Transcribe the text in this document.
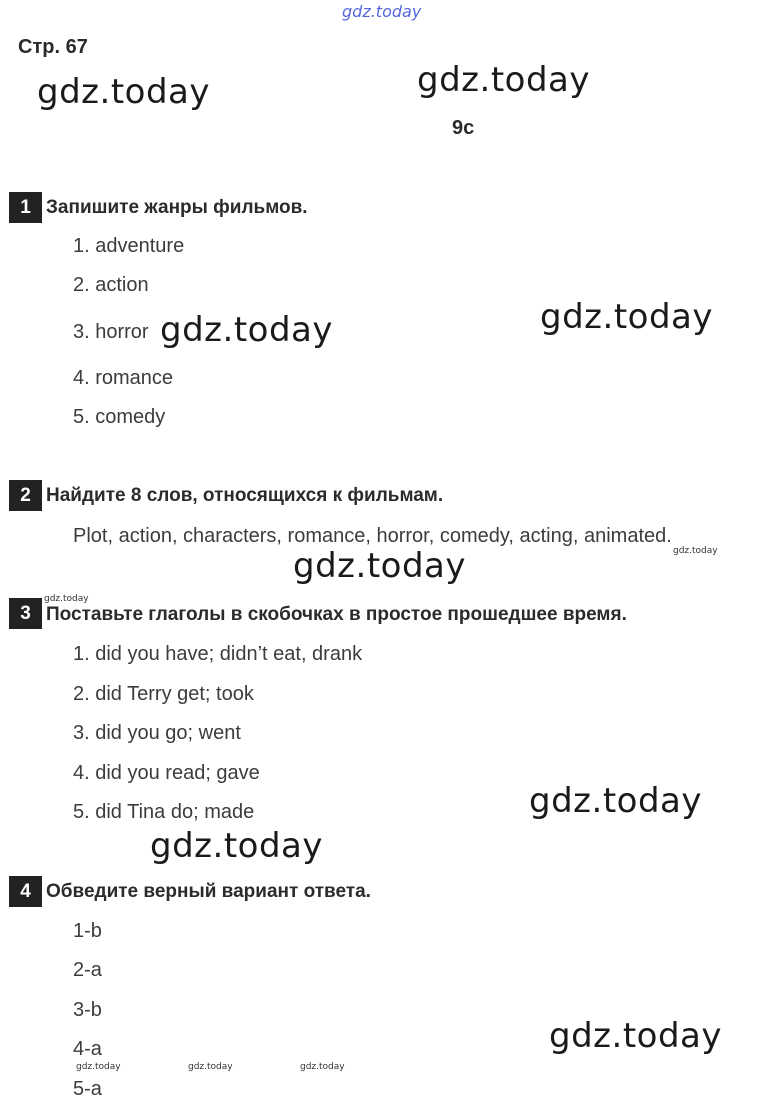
gdz.today
Стр. 67
9c
gdz.today	gdz.today
gdz.today
gdz.today
gdz.today
gdz.today
gdz.today
gdz.today
gdz.today
gdz.today
gdz.today	gdz.today	gdz.today
1 Запишите жанры фильмов.
1. adventure
2. action
3. horror
4. romance
5. comedy
2 Найдите 8 слов, относящихся к фильмам.
Plot, action, characters, romance, horror, comedy, acting, animated.
3 Поставьте глаголы в скобочках в простое прошедшее время.
1. did you have; didn’t eat, drank
2. did Terry get; took
3. did you go; went
4. did you read; gave
5. did Tina do; made
4 Обведите верный вариант ответа.
1-b
2-a
3-b
4-a
5-a
